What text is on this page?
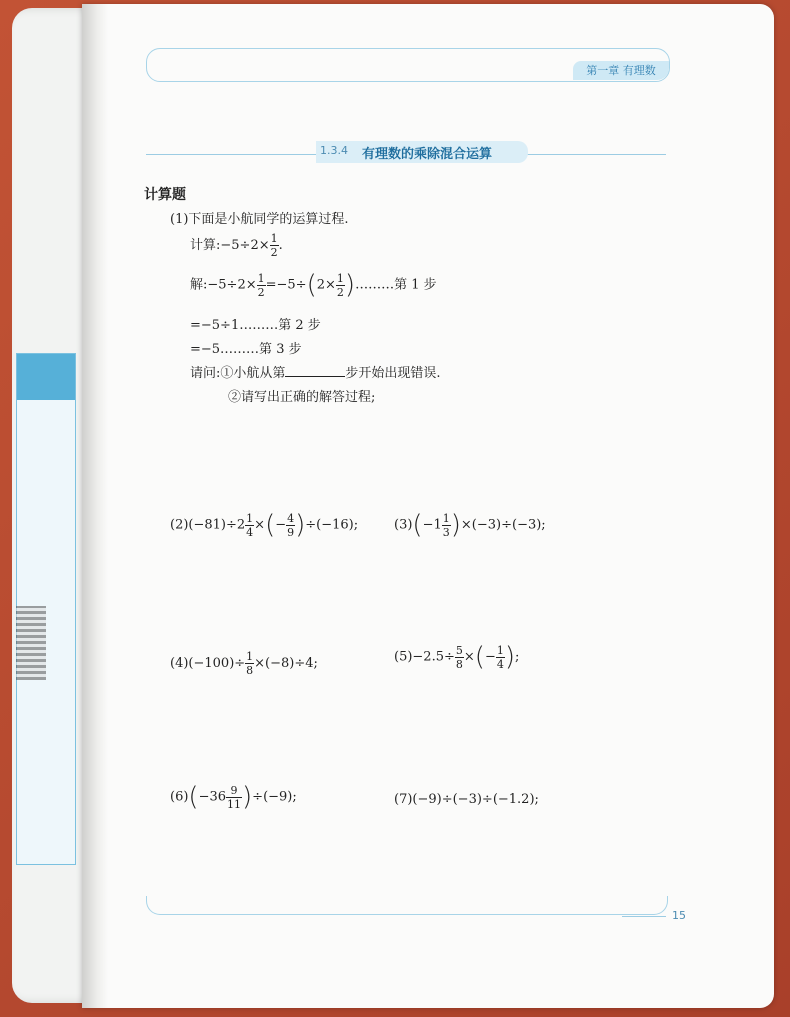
第一章 有理数
1.3.4 有理数的乘除混合运算
计算题
(1)下面是小航同学的运算过程.
计算:−5÷2× $\frac{1}{2}$ .
解:−5÷2× $\frac{1}{2} =-5\div(2\times \frac{1}{2}$ )………第 1 步
=−5÷1………第 2 步
=−5………第 3 步
请问:①小航从第	步开始出现错误.
②请写出正确的解答过程;
$(2)(-81)\div 2 \frac{1}{4}$ ×(− $\frac{4}{9} )\div(-16)$;	$(3)(-1 \frac{1}{3} )\times(-3)\div(-3)$;
$(4)(-100)\div \frac{1}{8} \times(-8)\div 4$;	$(5)-2.5\div \frac{5}{8}$ ×(− $\frac{1}{4}$ );
$(6)(-36 \frac{9}{11} )\div(-9)$;	(7)(−9)÷(−3)÷(−1.2);
15
